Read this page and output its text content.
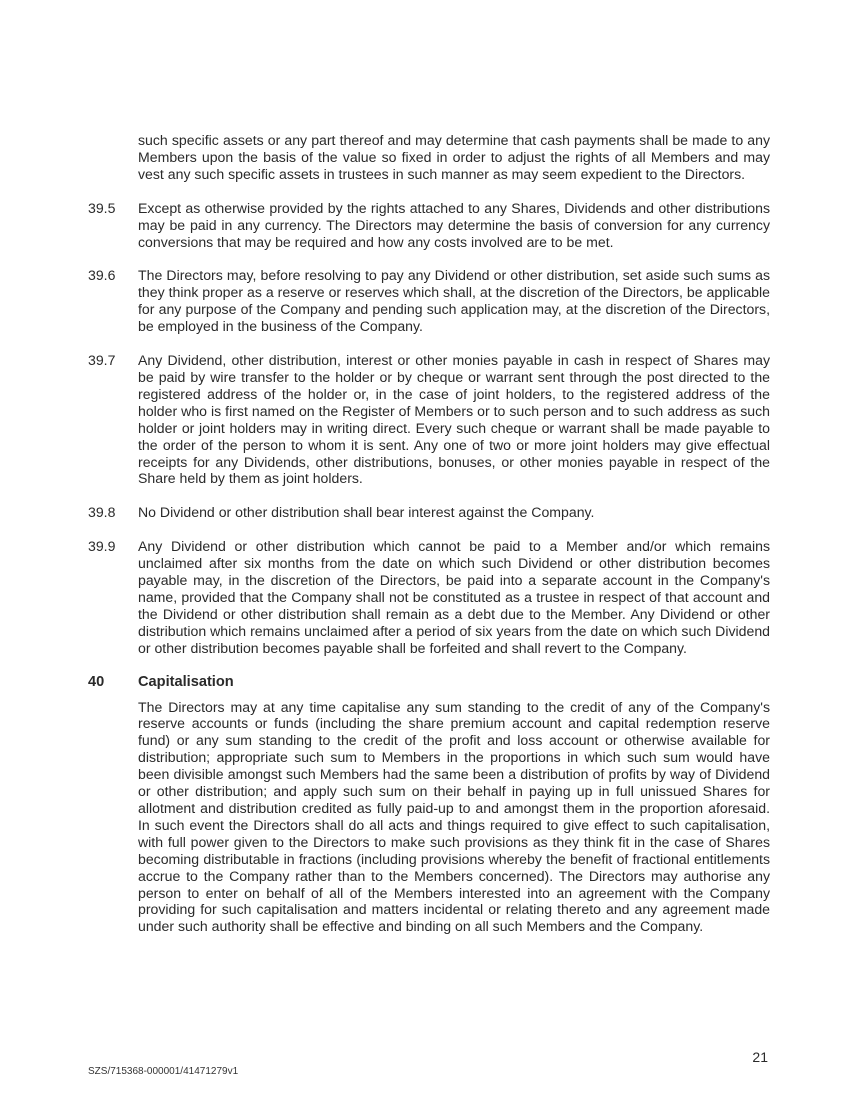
such specific assets or any part thereof and may determine that cash payments shall be made to any Members upon the basis of the value so fixed in order to adjust the rights of all Members and may vest any such specific assets in trustees in such manner as may seem expedient to the Directors.

39.5	Except as otherwise provided by the rights attached to any Shares, Dividends and other distributions may be paid in any currency. The Directors may determine the basis of conversion for any currency conversions that may be required and how any costs involved are to be met.

39.6	The Directors may, before resolving to pay any Dividend or other distribution, set aside such sums as they think proper as a reserve or reserves which shall, at the discretion of the Directors, be applicable for any purpose of the Company and pending such application may, at the discretion of the Directors, be employed in the business of the Company.

39.7	Any Dividend, other distribution, interest or other monies payable in cash in respect of Shares may be paid by wire transfer to the holder or by cheque or warrant sent through the post directed to the registered address of the holder or, in the case of joint holders, to the registered address of the holder who is first named on the Register of Members or to such person and to such address as such holder or joint holders may in writing direct. Every such cheque or warrant shall be made payable to the order of the person to whom it is sent. Any one of two or more joint holders may give effectual receipts for any Dividends, other distributions, bonuses, or other monies payable in respect of the Share held by them as joint holders.

39.8	No Dividend or other distribution shall bear interest against the Company.

39.9	Any Dividend or other distribution which cannot be paid to a Member and/or which remains unclaimed after six months from the date on which such Dividend or other distribution becomes payable may, in the discretion of the Directors, be paid into a separate account in the Company's name, provided that the Company shall not be constituted as a trustee in respect of that account and the Dividend or other distribution shall remain as a debt due to the Member. Any Dividend or other distribution which remains unclaimed after a period of six years from the date on which such Dividend or other distribution becomes payable shall be forfeited and shall revert to the Company.

40	Capitalisation

The Directors may at any time capitalise any sum standing to the credit of any of the Company's reserve accounts or funds (including the share premium account and capital redemption reserve fund) or any sum standing to the credit of the profit and loss account or otherwise available for distribution; appropriate such sum to Members in the proportions in which such sum would have been divisible amongst such Members had the same been a distribution of profits by way of Dividend or other distribution; and apply such sum on their behalf in paying up in full unissued Shares for allotment and distribution credited as fully paid-up to and amongst them in the proportion aforesaid. In such event the Directors shall do all acts and things required to give effect to such capitalisation, with full power given to the Directors to make such provisions as they think fit in the case of Shares becoming distributable in fractions (including provisions whereby the benefit of fractional entitlements accrue to the Company rather than to the Members concerned). The Directors may authorise any person to enter on behalf of all of the Members interested into an agreement with the Company providing for such capitalisation and matters incidental or relating thereto and any agreement made under such authority shall be effective and binding on all such Members and the Company.

21
SZS/715368-000001/41471279v1
